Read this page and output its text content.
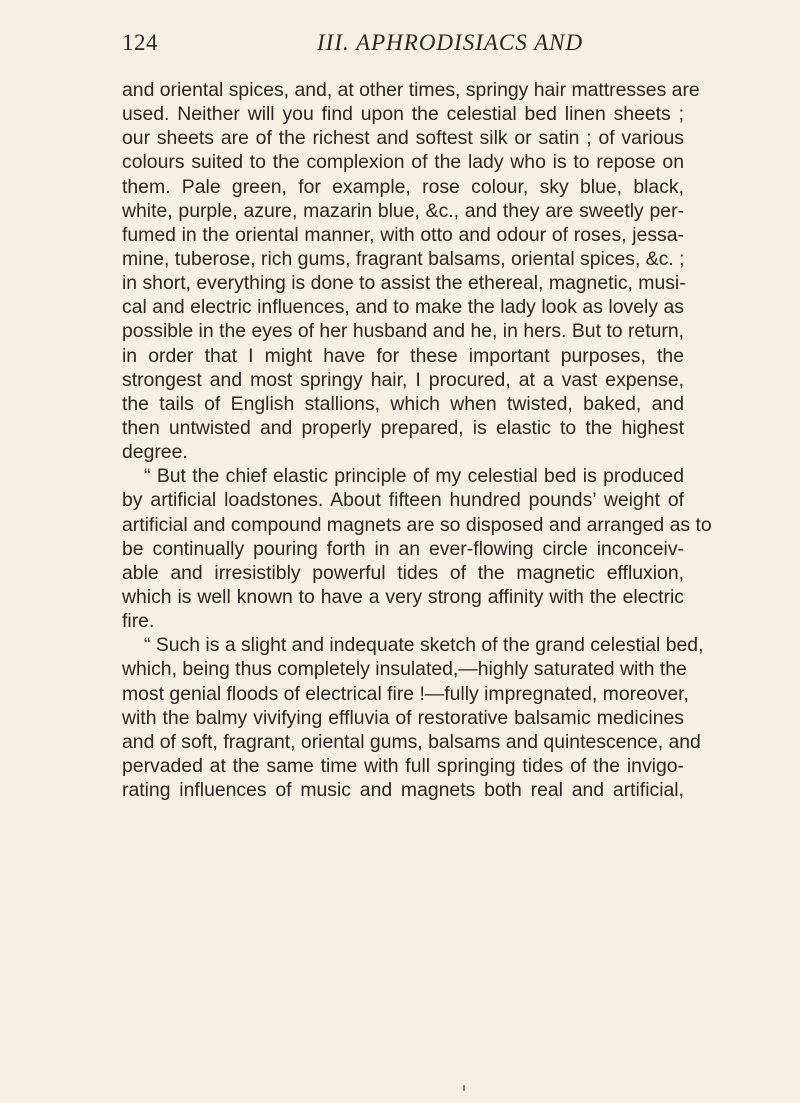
124	III. APHRODISIACS AND
and oriental spices, and, at other times, springy hair mattresses are
used. Neither will you find upon the celestial bed linen sheets ;
our sheets are of the richest and softest silk or satin ; of various
colours suited to the complexion of the lady who is to repose on
them. Pale green, for example, rose colour, sky blue, black,
white, purple, azure, mazarin blue, &c., and they are sweetly per-
fumed in the oriental manner, with otto and odour of roses, jessa-
mine, tuberose, rich gums, fragrant balsams, oriental spices, &c. ;
in short, everything is done to assist the ethereal, magnetic, musi-
cal and electric influences, and to make the lady look as lovely as
possible in the eyes of her husband and he, in hers. But to return,
in order that I might have for these important purposes, the
strongest and most springy hair, I procured, at a vast expense,
the tails of English stallions, which when twisted, baked, and
then untwisted and properly prepared, is elastic to the highest
degree.
“ But the chief elastic principle of my celestial bed is produced
by artificial loadstones. About fifteen hundred pounds’ weight of
artificial and compound magnets are so disposed and arranged as to
be continually pouring forth in an ever-flowing circle inconceiv-
able and irresistibly powerful tides of the magnetic effluxion,
which is well known to have a very strong affinity with the electric
fire.
“ Such is a slight and indequate sketch of the grand celestial bed,
which, being thus completely insulated,—highly saturated with the
most genial floods of electrical fire !—fully impregnated, moreover,
with the balmy vivifying effluvia of restorative balsamic medicines
and of soft, fragrant, oriental gums, balsams and quintescence, and
pervaded at the same time with full springing tides of the invigo-
rating influences of music and magnets both real and artificial,
